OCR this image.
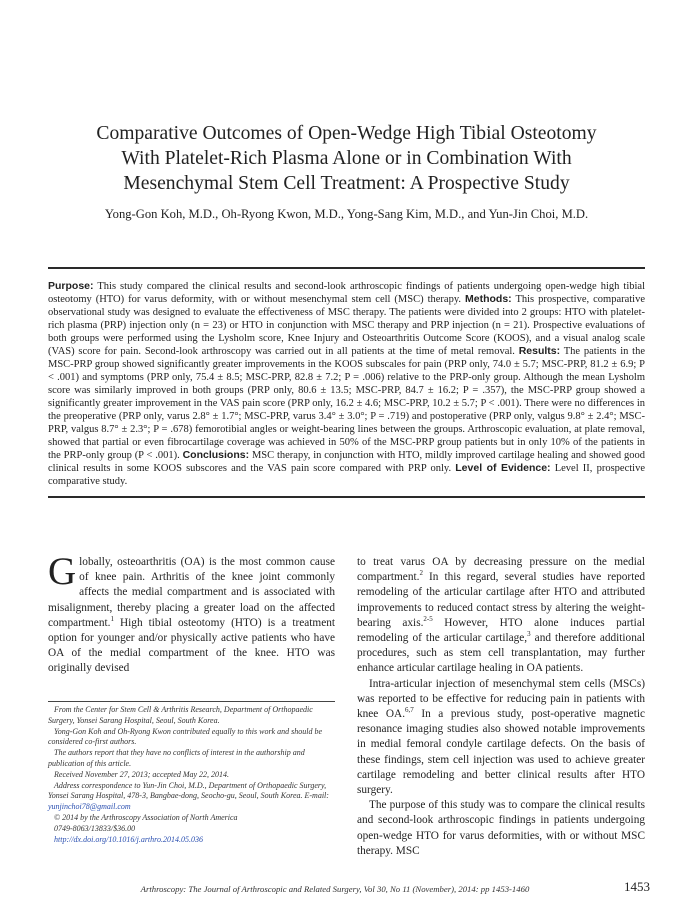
Comparative Outcomes of Open-Wedge High Tibial Osteotomy
With Platelet-Rich Plasma Alone or in Combination With
Mesenchymal Stem Cell Treatment: A Prospective Study
Yong-Gon Koh, M.D., Oh-Ryong Kwon, M.D., Yong-Sang Kim, M.D., and Yun-Jin Choi, M.D.
Purpose: This study compared the clinical results and second-look arthroscopic findings of patients undergoing open-wedge high tibial osteotomy (HTO) for varus deformity, with or without mesenchymal stem cell (MSC) therapy. Methods: This prospective, comparative observational study was designed to evaluate the effectiveness of MSC therapy. The patients were divided into 2 groups: HTO with platelet-rich plasma (PRP) injection only (n = 23) or HTO in conjunction with MSC therapy and PRP injection (n = 21). Prospective evaluations of both groups were performed using the Lysholm score, Knee Injury and Osteoarthritis Outcome Score (KOOS), and a visual analog scale (VAS) score for pain. Second-look arthroscopy was carried out in all patients at the time of metal removal. Results: The patients in the MSC-PRP group showed significantly greater improvements in the KOOS subscales for pain (PRP only, 74.0 ± 5.7; MSC-PRP, 81.2 ± 6.9; P < .001) and symptoms (PRP only, 75.4 ± 8.5; MSC-PRP, 82.8 ± 7.2; P = .006) relative to the PRP-only group. Although the mean Lysholm score was similarly improved in both groups (PRP only, 80.6 ± 13.5; MSC-PRP, 84.7 ± 16.2; P = .357), the MSC-PRP group showed a significantly greater improvement in the VAS pain score (PRP only, 16.2 ± 4.6; MSC-PRP, 10.2 ± 5.7; P < .001). There were no differences in the preoperative (PRP only, varus 2.8° ± 1.7°; MSC-PRP, varus 3.4° ± 3.0°; P = .719) and postoperative (PRP only, valgus 9.8° ± 2.4°; MSC-PRP, valgus 8.7° ± 2.3°; P = .678) femorotibial angles or weight-bearing lines between the groups. Arthroscopic evaluation, at plate removal, showed that partial or even fibrocartilage coverage was achieved in 50% of the MSC-PRP group patients but in only 10% of the patients in the PRP-only group (P < .001). Conclusions: MSC therapy, in conjunction with HTO, mildly improved cartilage healing and showed good clinical results in some KOOS subscores and the VAS pain score compared with PRP only. Level of Evidence: Level II, prospective comparative study.
Globally, osteoarthritis (OA) is the most common cause of knee pain. Arthritis of the knee joint commonly affects the medial compartment and is associated with misalignment, thereby placing a greater load on the affected compartment.$^1$ High tibial osteotomy (HTO) is a treatment option for younger and/or physically active patients who have OA of the medial compartment of the knee. HTO was originally devised

to treat varus OA by decreasing pressure on the medial compartment.$^2$ In this regard, several studies have reported remodeling of the articular cartilage after HTO and attributed improvements to reduced contact stress by altering the weight-bearing axis.$^{2-5}$ However, HTO alone induces partial remodeling of the articular cartilage,$^3$ and therefore additional procedures, such as stem cell transplantation, may further enhance articular cartilage healing in OA patients.

Intra-articular injection of mesenchymal stem cells (MSCs) was reported to be effective for reducing pain in patients with knee OA.$^{6,7}$ In a previous study, post-operative magnetic resonance imaging studies also showed notable improvements in medial femoral condyle cartilage defects. On the basis of these findings, stem cell injection was used to achieve greater cartilage remodeling and better clinical results after HTO surgery.

The purpose of this study was to compare the clinical results and second-look arthroscopic findings in patients undergoing open-wedge HTO for varus deformities, with or without MSC therapy. MSC

From the Center for Stem Cell & Arthritis Research, Department of Orthopaedic Surgery, Yonsei Sarang Hospital, Seoul, South Korea.

Yong-Gon Koh and Oh-Ryong Kwon contributed equally to this work and should be considered co-first authors.

The authors report that they have no conflicts of interest in the authorship and publication of this article.

Received November 27, 2013; accepted May 22, 2014.

Address correspondence to Yun-Jin Choi, M.D., Department of Orthopaedic Surgery, Yonsei Sarang Hospital, 478-3, Bangbae-dong, Seocho-gu, Seoul, South Korea. E-mail: yunjinchoi78@gmail.com

© 2014 by the Arthroscopy Association of North America

0749-8063/13833/$36.00

http://dx.doi.org/10.1016/j.arthro.2014.05.036

Arthroscopy: The Journal of Arthroscopic and Related Surgery, Vol 30, No 11 (November), 2014: pp 1453-1460	1453
